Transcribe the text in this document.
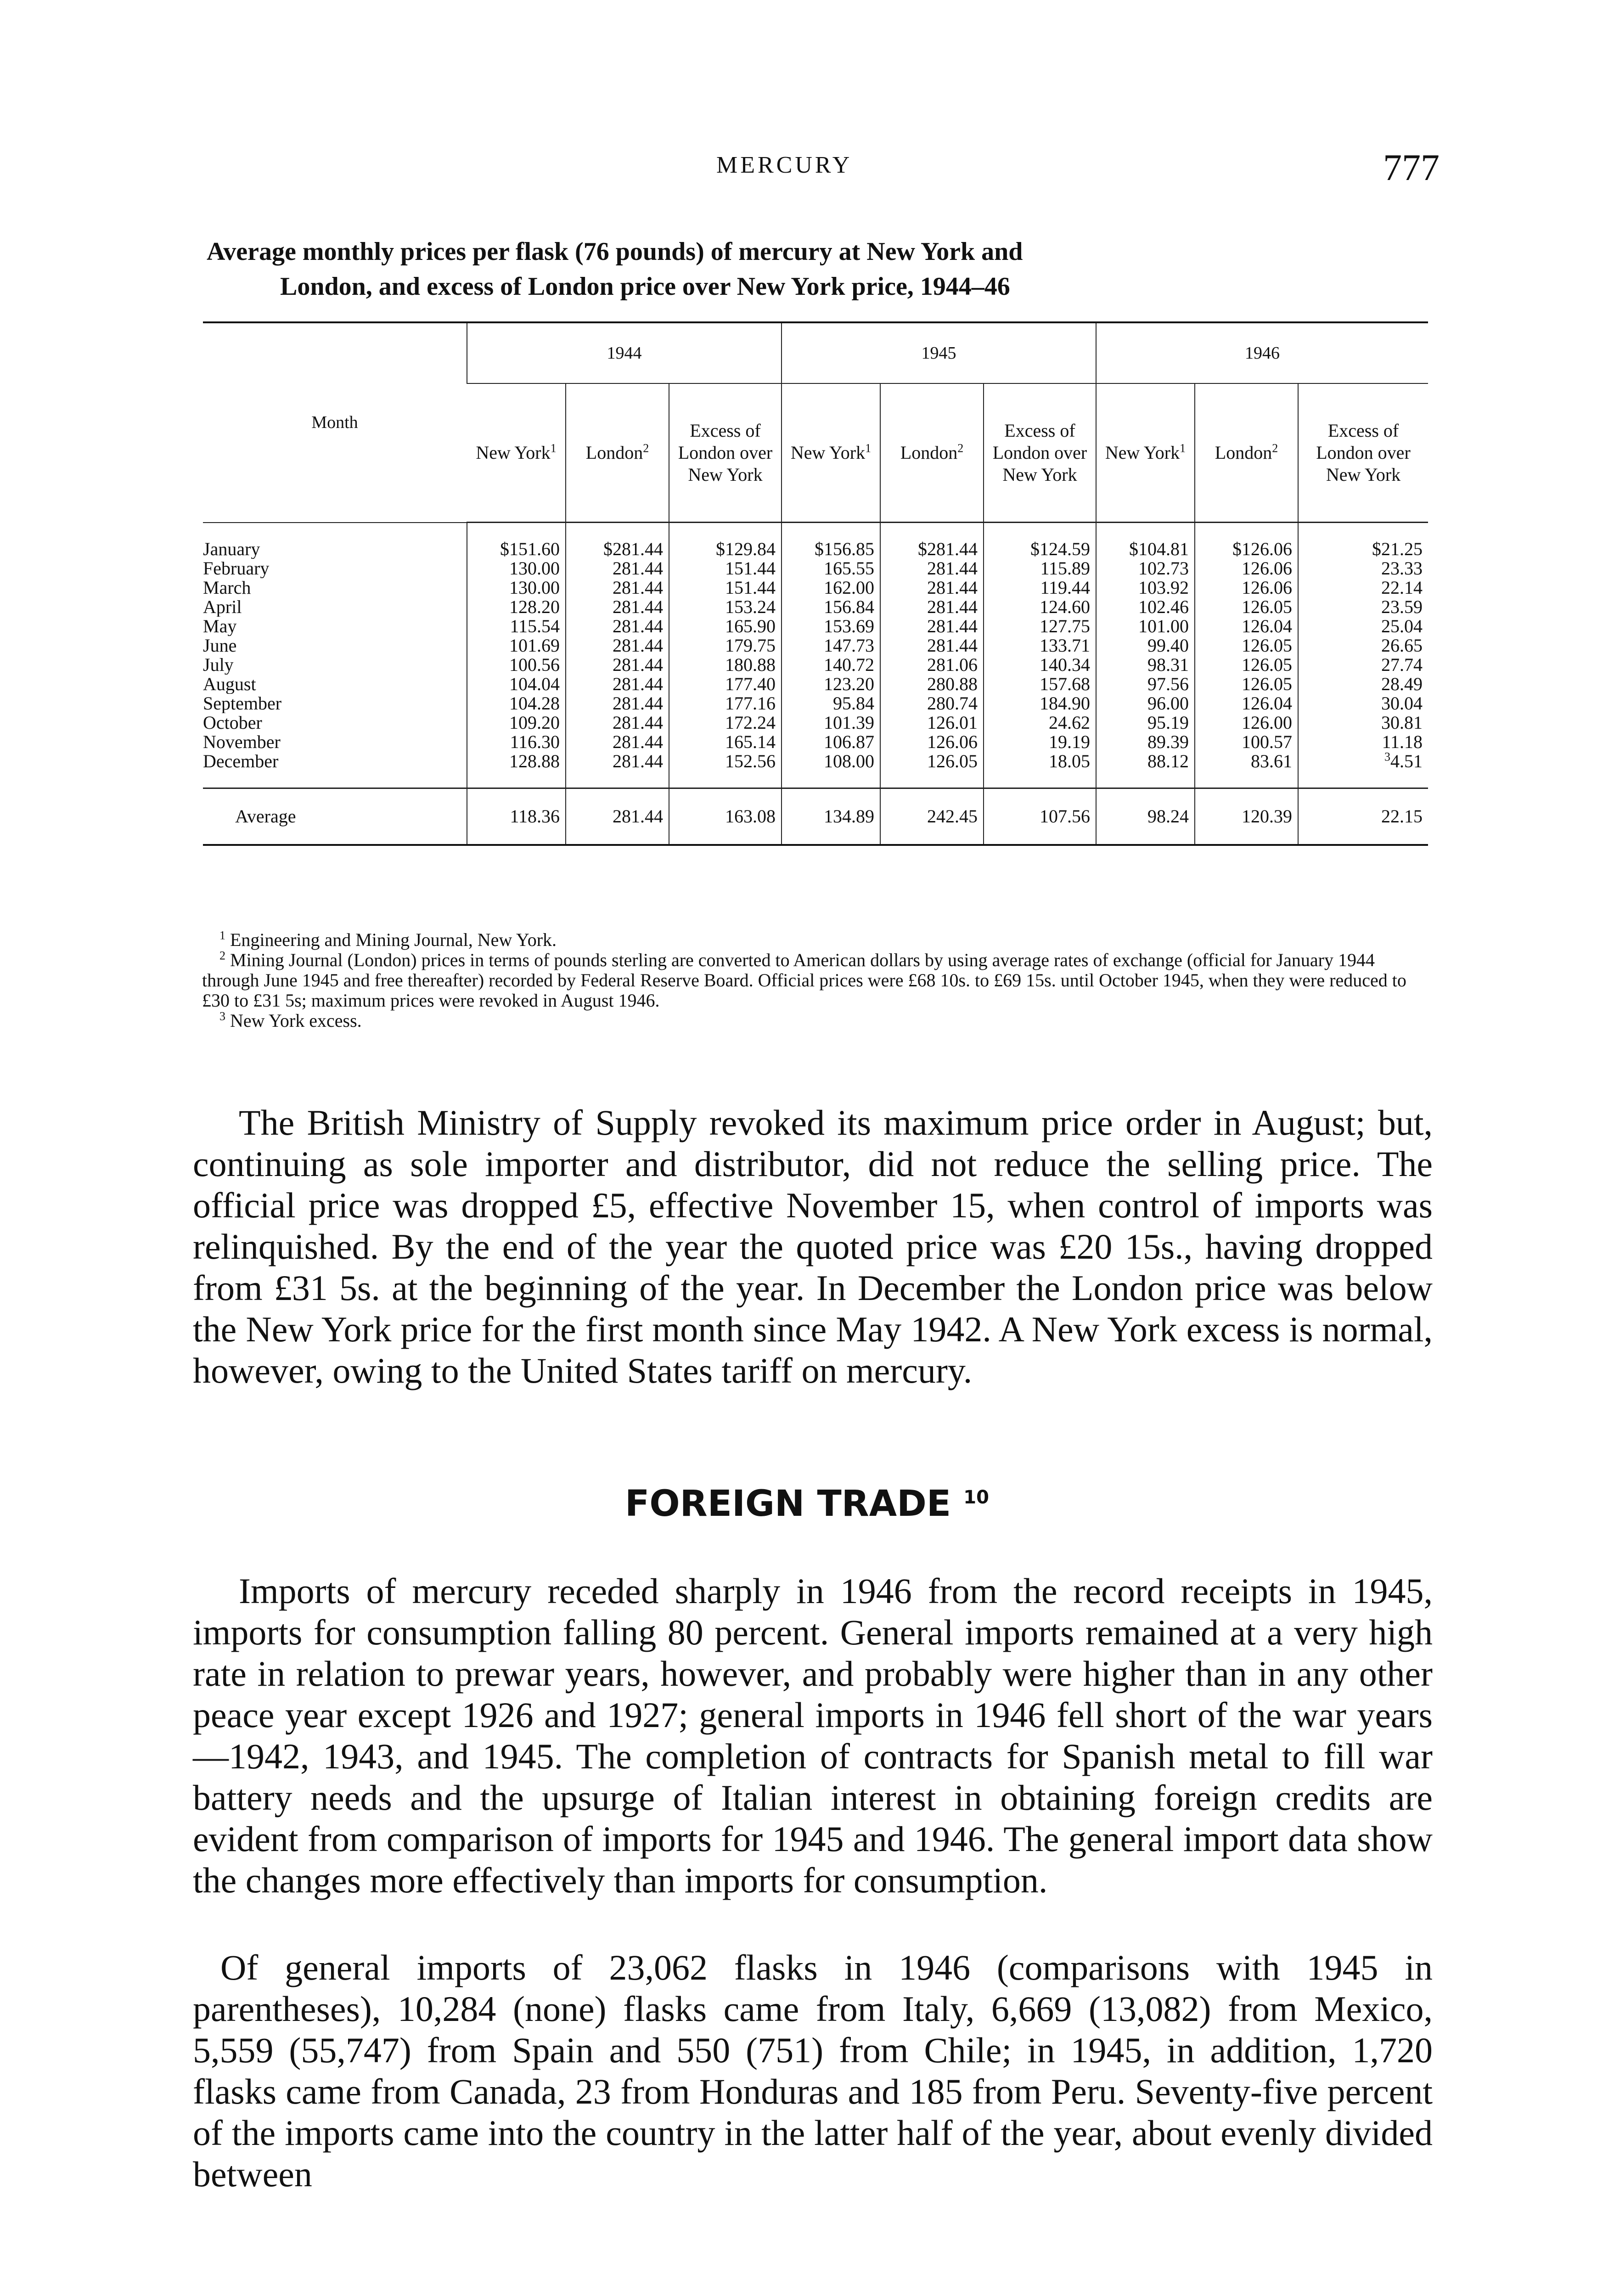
MERCURY	777
Average monthly prices per flask (76 pounds) of mercury at New York and
London, and excess of London price over New York price, 1944–46
Month	1944			1945			1946		
	New York$^1$	London$^2$	Excess of London over New York	New York$^1$	London$^2$	Excess of London over New York	New York$^1$	London$^2$	Excess of London over New York

January	$151.60	$281.44	$129.84	$156.85	$281.44	$124.59	$104.81	$126.06	$21.25
February	130.00	281.44	151.44	165.55	281.44	115.89	102.73	126.06	23.33
March	130.00	281.44	151.44	162.00	281.44	119.44	103.92	126.06	22.14
April	128.20	281.44	153.24	156.84	281.44	124.60	102.46	126.05	23.59
May	115.54	281.44	165.90	153.69	281.44	127.75	101.00	126.04	25.04
June	101.69	281.44	179.75	147.73	281.44	133.71	99.40	126.05	26.65
July	100.56	281.44	180.88	140.72	281.06	140.34	98.31	126.05	27.74
August	104.04	281.44	177.40	123.20	280.88	157.68	97.56	126.05	28.49
September	104.28	281.44	177.16	95.84	280.74	184.90	96.00	126.04	30.04
October	109.20	281.44	172.24	101.39	126.01	24.62	95.19	126.00	30.81
November	116.30	281.44	165.14	106.87	126.06	19.19	89.39	100.57	11.18
December	128.88	281.44	152.56	108.00	126.05	18.05	88.12	83.61	$^3$4.51

Average	118.36	281.44	163.08	134.89	242.45	107.56	98.24	120.39	22.15

$^1$ Engineering and Mining Journal, New York.

$^2$ Mining Journal (London) prices in terms of pounds sterling are converted to American dollars by using average rates of exchange (official for January 1944 through June 1945 and free thereafter) recorded by Federal Reserve Board. Official prices were £68 10s. to £69 15s. until October 1945, when they were reduced to £30 to £31 5s; maximum prices were revoked in August 1946.

$^3$ New York excess.

The British Ministry of Supply revoked its maximum price order in August; but, continuing as sole importer and distributor, did not reduce the selling price. The official price was dropped £5, effective November 15, when control of imports was relinquished. By the end of the year the quoted price was £20 15s., having dropped from £31 5s. at the beginning of the year. In December the London price was below the New York price for the first month since May 1942. A New York excess is normal, however, owing to the United States tariff on mercury.

FOREIGN TRADE $^{10}$

Imports of mercury receded sharply in 1946 from the record receipts in 1945, imports for consumption falling 80 percent. General imports remained at a very high rate in relation to prewar years, however, and probably were higher than in any other peace year except 1926 and 1927; general imports in 1946 fell short of the war years—1942, 1943, and 1945. The completion of contracts for Spanish metal to fill war battery needs and the upsurge of Italian interest in obtaining foreign credits are evident from comparison of imports for 1945 and 1946. The general import data show the changes more effectively than imports for consumption.

Of general imports of 23,062 flasks in 1946 (comparisons with 1945 in parentheses), 10,284 (none) flasks came from Italy, 6,669 (13,082) from Mexico, 5,559 (55,747) from Spain and 550 (751) from Chile; in 1945, in addition, 1,720 flasks came from Canada, 23 from Honduras and 185 from Peru. Seventy-five percent of the imports came into the country in the latter half of the year, about evenly divided between
